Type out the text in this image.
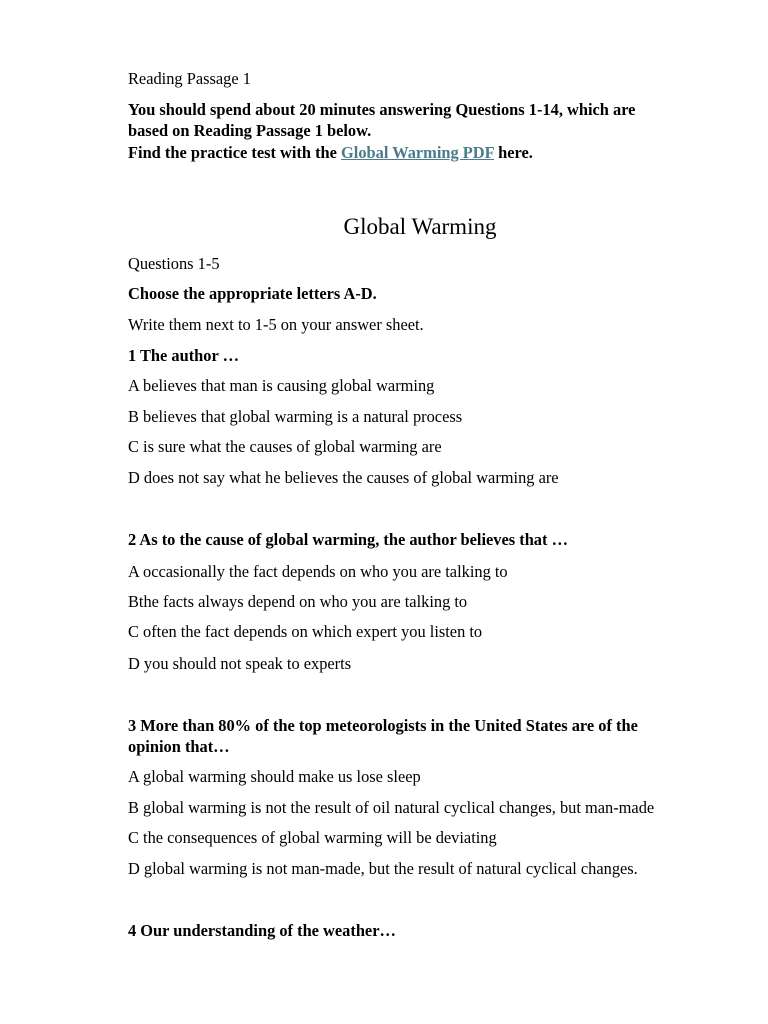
Reading Passage 1

You should spend about 20 minutes answering Questions 1-14, which are

based on Reading Passage 1 below.

Find the practice test with the Global Warming PDF here.

Global Warming

Questions 1-5

Choose the appropriate letters A-D.

Write them next to 1-5 on your answer sheet.

1 The author …

A believes that man is causing global warming

B believes that global warming is a natural process

C is sure what the causes of global warming are

D does not say what he believes the causes of global warming are

2 As to the cause of global warming, the author believes that …

A occasionally the fact depends on who you are talking to

Bthe facts always depend on who you are talking to

C often the fact depends on which expert you listen to

D you should not speak to experts

3 More than 80% of the top meteorologists in the United States are of the

opinion that…

A global warming should make us lose sleep

B global warming is not the result of oil natural cyclical changes, but man-made

C the consequences of global warming will be deviating

D global warming is not man-made, but the result of natural cyclical changes.

4 Our understanding of the weather…
